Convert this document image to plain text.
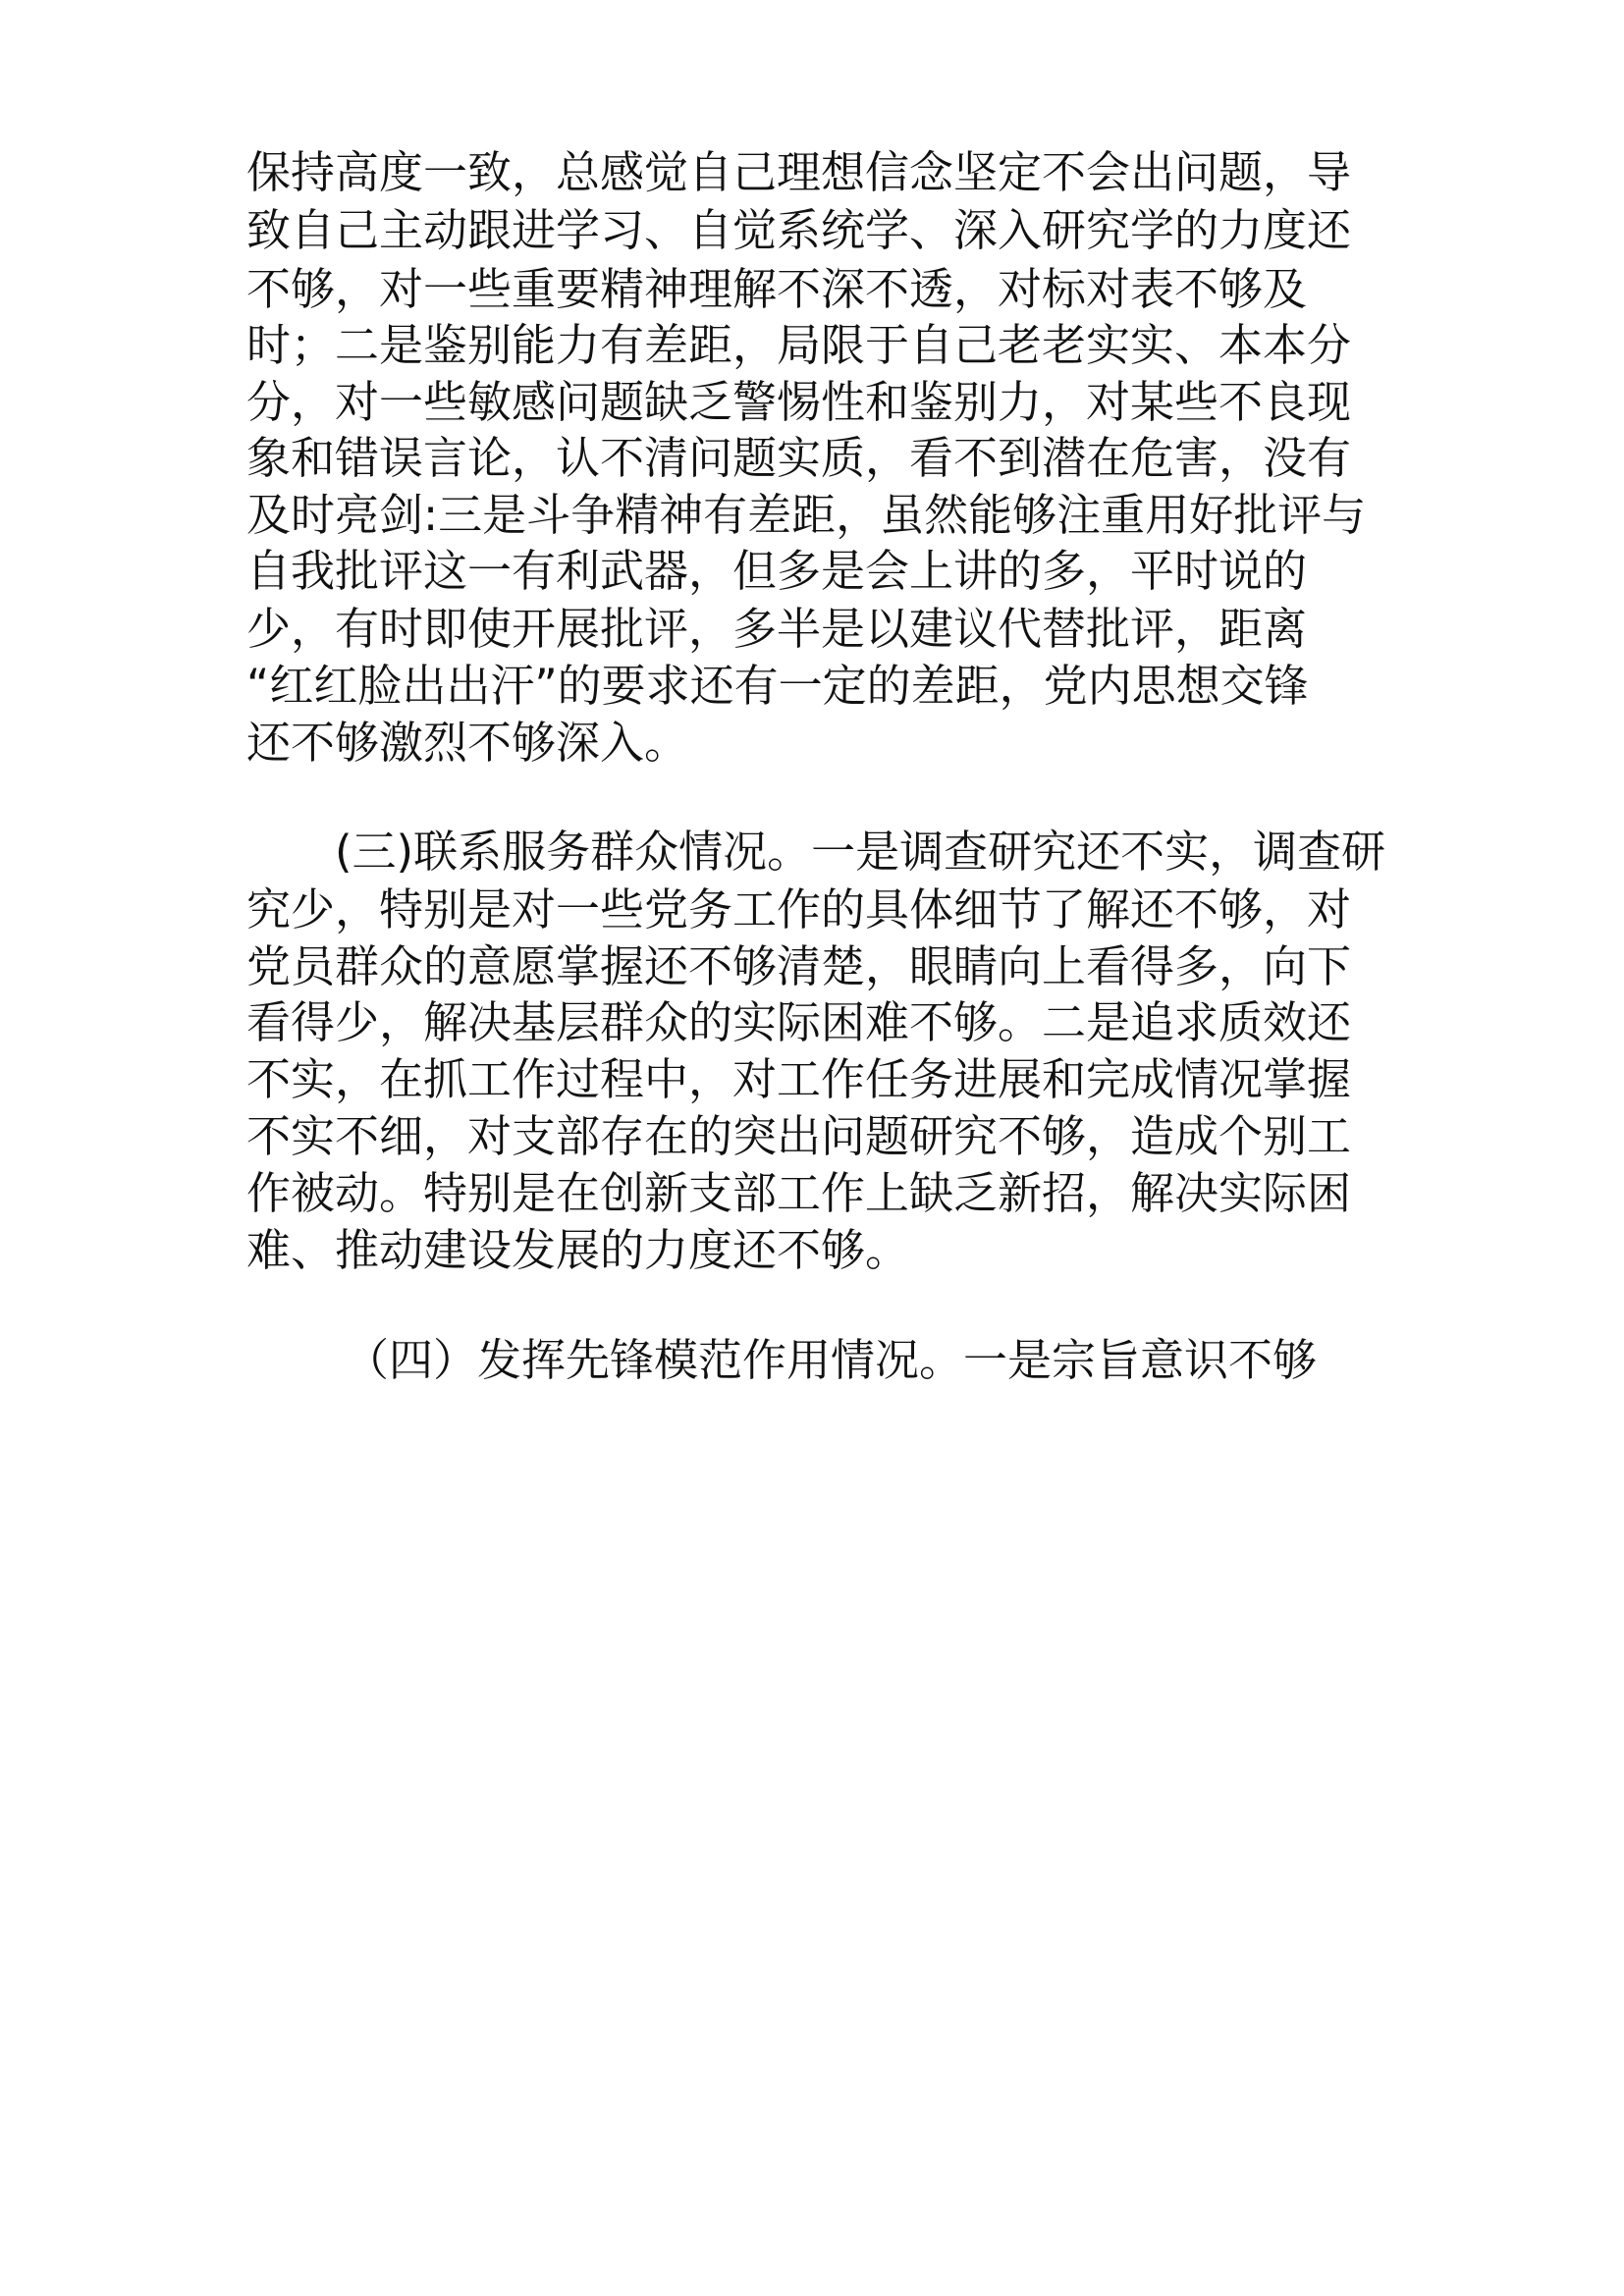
保持高度一致，总感觉自己理想信念坚定不会出问题，导

致自己主动跟进学习、自觉系统学、深入研究学的力度还

不够，对一些重要精神理解不深不透，对标对表不够及

时；二是鉴别能力有差距，局限于自己老老实实、本本分

分，对一些敏感问题缺乏警惕性和鉴别力，对某些不良现

象和错误言论，认不清问题实质，看不到潜在危害，没有

及时亮剑:三是斗争精神有差距，虽然能够注重用好批评与

自我批评这一有利武器，但多是会上讲的多，平时说的

少，有时即使开展批评，多半是以建议代替批评，距离

“红红脸出出汗”的要求还有一定的差距，党内思想交锋

还不够激烈不够深入。

(三)联系服务群众情况。一是调查研究还不实，调查研

究少，特别是对一些党务工作的具体细节了解还不够，对

党员群众的意愿掌握还不够清楚，眼睛向上看得多，向下

看得少，解决基层群众的实际困难不够。二是追求质效还

不实，在抓工作过程中，对工作任务进展和完成情况掌握

不实不细，对支部存在的突出问题研究不够，造成个别工

作被动。特别是在创新支部工作上缺乏新招，解决实际困

难、推动建设发展的力度还不够。

（四）发挥先锋模范作用情况。一是宗旨意识不够
